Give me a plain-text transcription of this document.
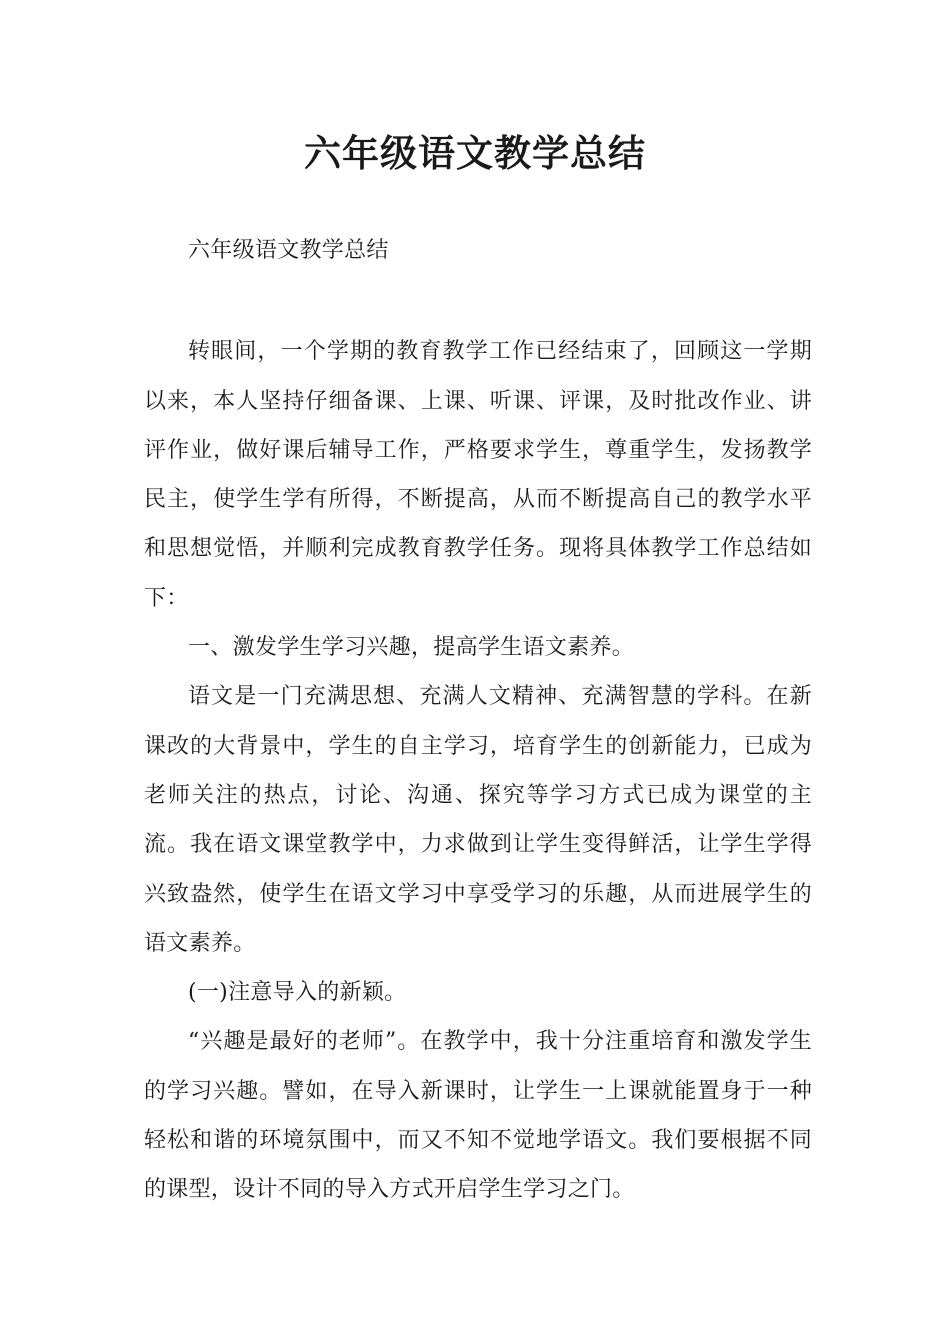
六年级语文教学总结

六年级语文教学总结

转眼间，一个学期的教育教学工作已经结束了，回顾这一学期以来，本人坚持仔细备课、上课、听课、评课，及时批改作业、讲评作业，做好课后辅导工作，严格要求学生，尊重学生，发扬教学民主，使学生学有所得，不断提高，从而不断提高自己的教学水平和思想觉悟，并顺利完成教育教学任务。现将具体教学工作总结如下：

一、激发学生学习兴趣，提高学生语文素养。

语文是一门充满思想、充满人文精神、充满智慧的学科。在新课改的大背景中，学生的自主学习，培育学生的创新能力，已成为老师关注的热点，讨论、沟通、探究等学习方式已成为课堂的主流。我在语文课堂教学中，力求做到让学生变得鲜活，让学生学得兴致盎然，使学生在语文学习中享受学习的乐趣，从而进展学生的语文素养。

(一)注意导入的新颖。

“兴趣是最好的老师”。在教学中，我十分注重培育和激发学生的学习兴趣。譬如，在导入新课时，让学生一上课就能置身于一种轻松和谐的环境氛围中，而又不知不觉地学语文。我们要根据不同的课型，设计不同的导入方式开启学生学习之门。
